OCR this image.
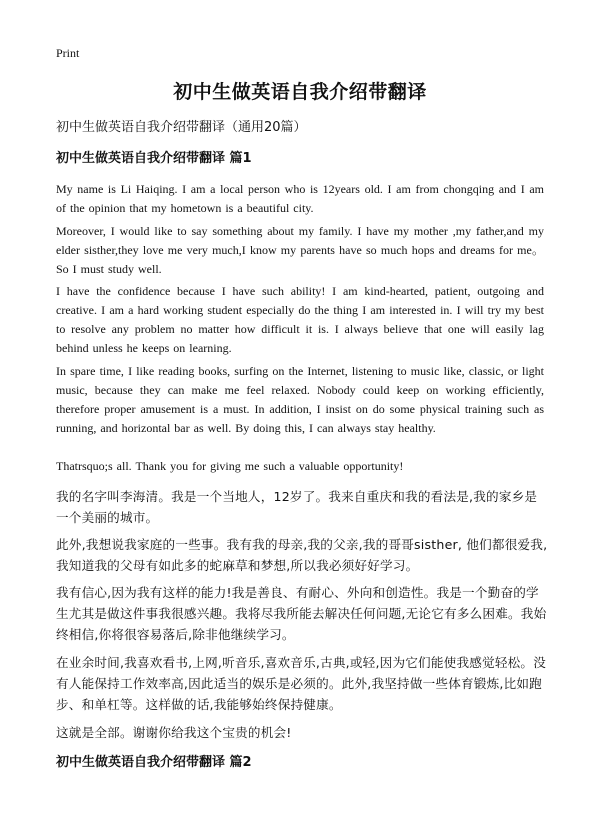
Print
初中生做英语自我介绍带翻译
初中生做英语自我介绍带翻译（通用20篇）
初中生做英语自我介绍带翻译 篇1
My name is Li Haiqing. I am a local person who is 12years old. I am from chongqing and I am of the opinion that my hometown is a beautiful city.
Moreover, I would like to say something about my family. I have my mother ,my father,and my elder sisther,they love me very much,I know my parents have so much hops and dreams for me。So I must study well.
I have the confidence because I have such ability! I am kind-hearted, patient, outgoing and creative. I am a hard working student especially do the thing I am interested in. I will try my best to resolve any problem no matter how difficult it is. I always believe that one will easily lag behind unless he keeps on learning.
In spare time, I like reading books, surfing on the Internet, listening to music like, classic, or light music, because they can make me feel relaxed. Nobody could keep on working efficiently, therefore proper amusement is a must. In addition, I insist on do some physical training such as running, and horizontal bar as well. By doing this, I can always stay healthy.
Thatrsquo;s all. Thank you for giving me such a valuable opportunity!
我的名字叫李海清。我是一个当地人，12岁了。我来自重庆和我的看法是,我的家乡是一个美丽的城市。
此外,我想说我家庭的一些事。我有我的母亲,我的父亲,我的哥哥sisther, 他们都很爱我,我知道我的父母有如此多的蛇麻草和梦想,所以我必须好好学习。
我有信心,因为我有这样的能力!我是善良、有耐心、外向和创造性。我是一个勤奋的学生尤其是做这件事我很感兴趣。我将尽我所能去解决任何问题,无论它有多么困难。我始终相信,你将很容易落后,除非他继续学习。
在业余时间,我喜欢看书,上网,听音乐,喜欢音乐,古典,或轻,因为它们能使我感觉轻松。没有人能保持工作效率高,因此适当的娱乐是必须的。此外,我坚持做一些体育锻炼,比如跑步、和单杠等。这样做的话,我能够始终保持健康。
这就是全部。谢谢你给我这个宝贵的机会!
初中生做英语自我介绍带翻译 篇2
